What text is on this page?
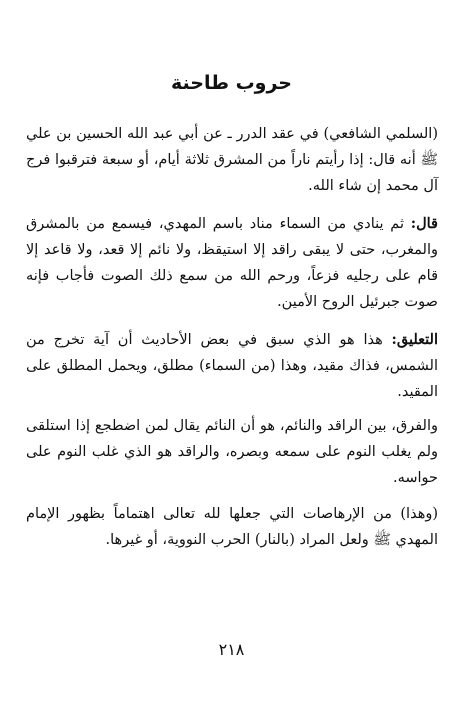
حروب طاحنة

(السلمي الشافعي) في عقد الدرر ـ عن أبي عبد الله الحسين بن علي ﷺ أنه قال: إذا رأيتم ناراً من المشرق ثلاثة أيام، أو سبعة فترقبوا فرج آل محمد إن شاء الله.

قال: ثم ينادي من السماء مناد باسم المهدي، فيسمع من بالمشرق والمغرب، حتى لا يبقى راقد إلا استيقظ، ولا نائم إلا قعد، ولا قاعد إلا قام على رجليه فزعاً، ورحم الله من سمع ذلك الصوت فأجاب فإنه صوت جبرئيل الروح الأمين.

التعليق: هذا هو الذي سبق في بعض الأحاديث أن آية تخرج من الشمس، فذاك مقيد، وهذا (من السماء) مطلق، ويحمل المطلق على المقيد.

والفرق، بين الراقد والنائم، هو أن النائم يقال لمن اضطجع إذا استلقى ولم يغلب النوم على سمعه وبصره، والراقد هو الذي غلب النوم على حواسه.

(وهذا) من الإرهاصات التي جعلها لله تعالى اهتماماً بظهور الإمام المهدي ﷺ ولعل المراد (بالنار) الحرب النووية، أو غيرها.

٢١٨
